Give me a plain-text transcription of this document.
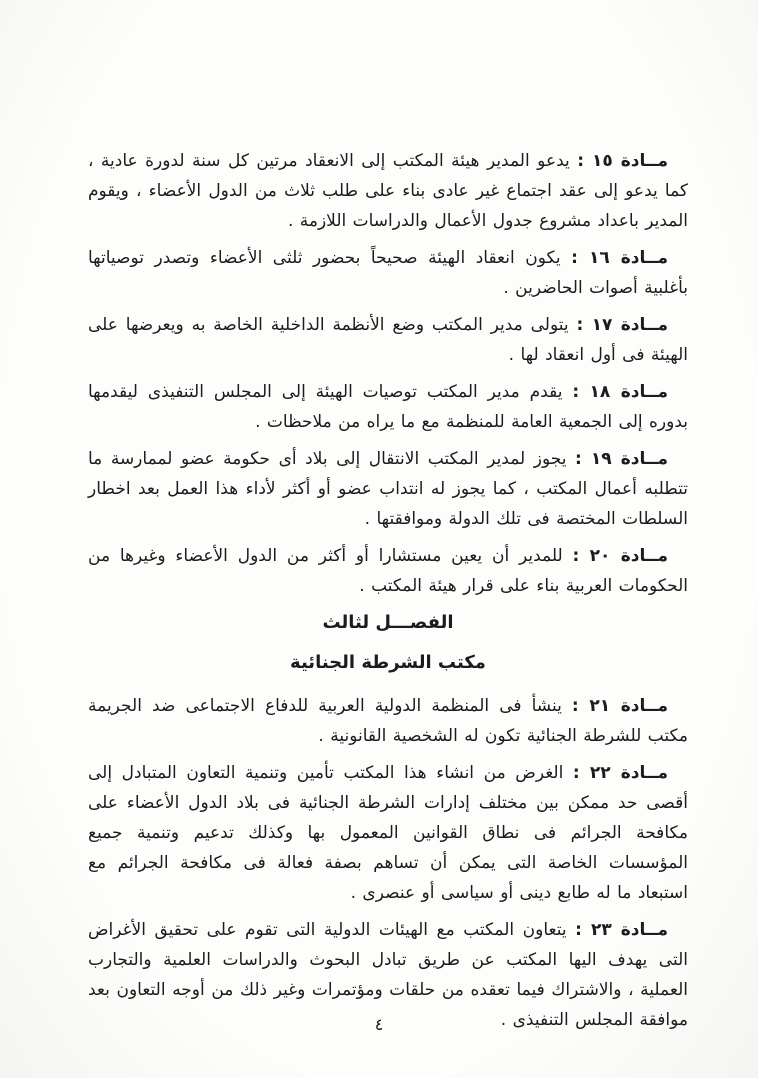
مــادة ١٥ : يدعو المدير هيئة المكتب إلى الانعقاد مرتين كل سنة لدورة عادية ، كما يدعو إلى عقد اجتماع غير عادى بناء على طلب ثلاث من الدول الأعضاء ، ويقوم المدير باعداد مشروع جدول الأعمال والدراسات اللازمة .

مــادة ١٦ : يكون انعقاد الهيئة صحيحاً بحضور ثلثى الأعضاء وتصدر توصياتها بأغلبية أصوات الحاضرين .

مــادة ١٧ : يتولى مدير المكتب وضع الأنظمة الداخلية الخاصة به ويعرضها على الهيئة فى أول انعقاد لها .

مــادة ١٨ : يقدم مدير المكتب توصيات الهيئة إلى المجلس التنفيذى ليقدمها بدوره إلى الجمعية العامة للمنظمة مع ما يراه من ملاحظات .

مــادة ١٩ : يجوز لمدير المكتب الانتقال إلى بلاد أى حكومة عضو لممارسة ما تتطلبه أعمال المكتب ، كما يجوز له انتداب عضو أو أكثر لأداء هذا العمل بعد اخطار السلطات المختصة فى تلك الدولة وموافقتها .

مــادة ٢٠ : للمدير أن يعين مستشارا أو أكثر من الدول الأعضاء وغيرها من الحكومات العربية بناء على قرار هيئة المكتب .

الفصـــل لثالث
مكتب الشرطة الجنائية

مــادة ٢١ : ينشأ فى المنظمة الدولية العربية للدفاع الاجتماعى ضد الجريمة مكتب للشرطة الجنائية تكون له الشخصية القانونية .

مــادة ٢٢ : الغرض من انشاء هذا المكتب تأمين وتنمية التعاون المتبادل إلى أقصى حد ممكن بين مختلف إدارات الشرطة الجنائية فى بلاد الدول الأعضاء على مكافحة الجرائم فى نطاق القوانين المعمول بها وكذلك تدعيم وتنمية جميع المؤسسات الخاصة التى يمكن أن تساهم بصفة فعالة فى مكافحة الجرائم مع استبعاد ما له طابع دينى أو سياسى أو عنصرى .

مــادة ٢٣ : يتعاون المكتب مع الهيئات الدولية التى تقوم على تحقيق الأغراض التى يهدف اليها المكتب عن طريق تبادل البحوث والدراسات العلمية والتجارب العملية ، والاشتراك فيما تعقده من حلقات ومؤتمرات وغير ذلك من أوجه التعاون بعد موافقة المجلس التنفيذى .

٤
